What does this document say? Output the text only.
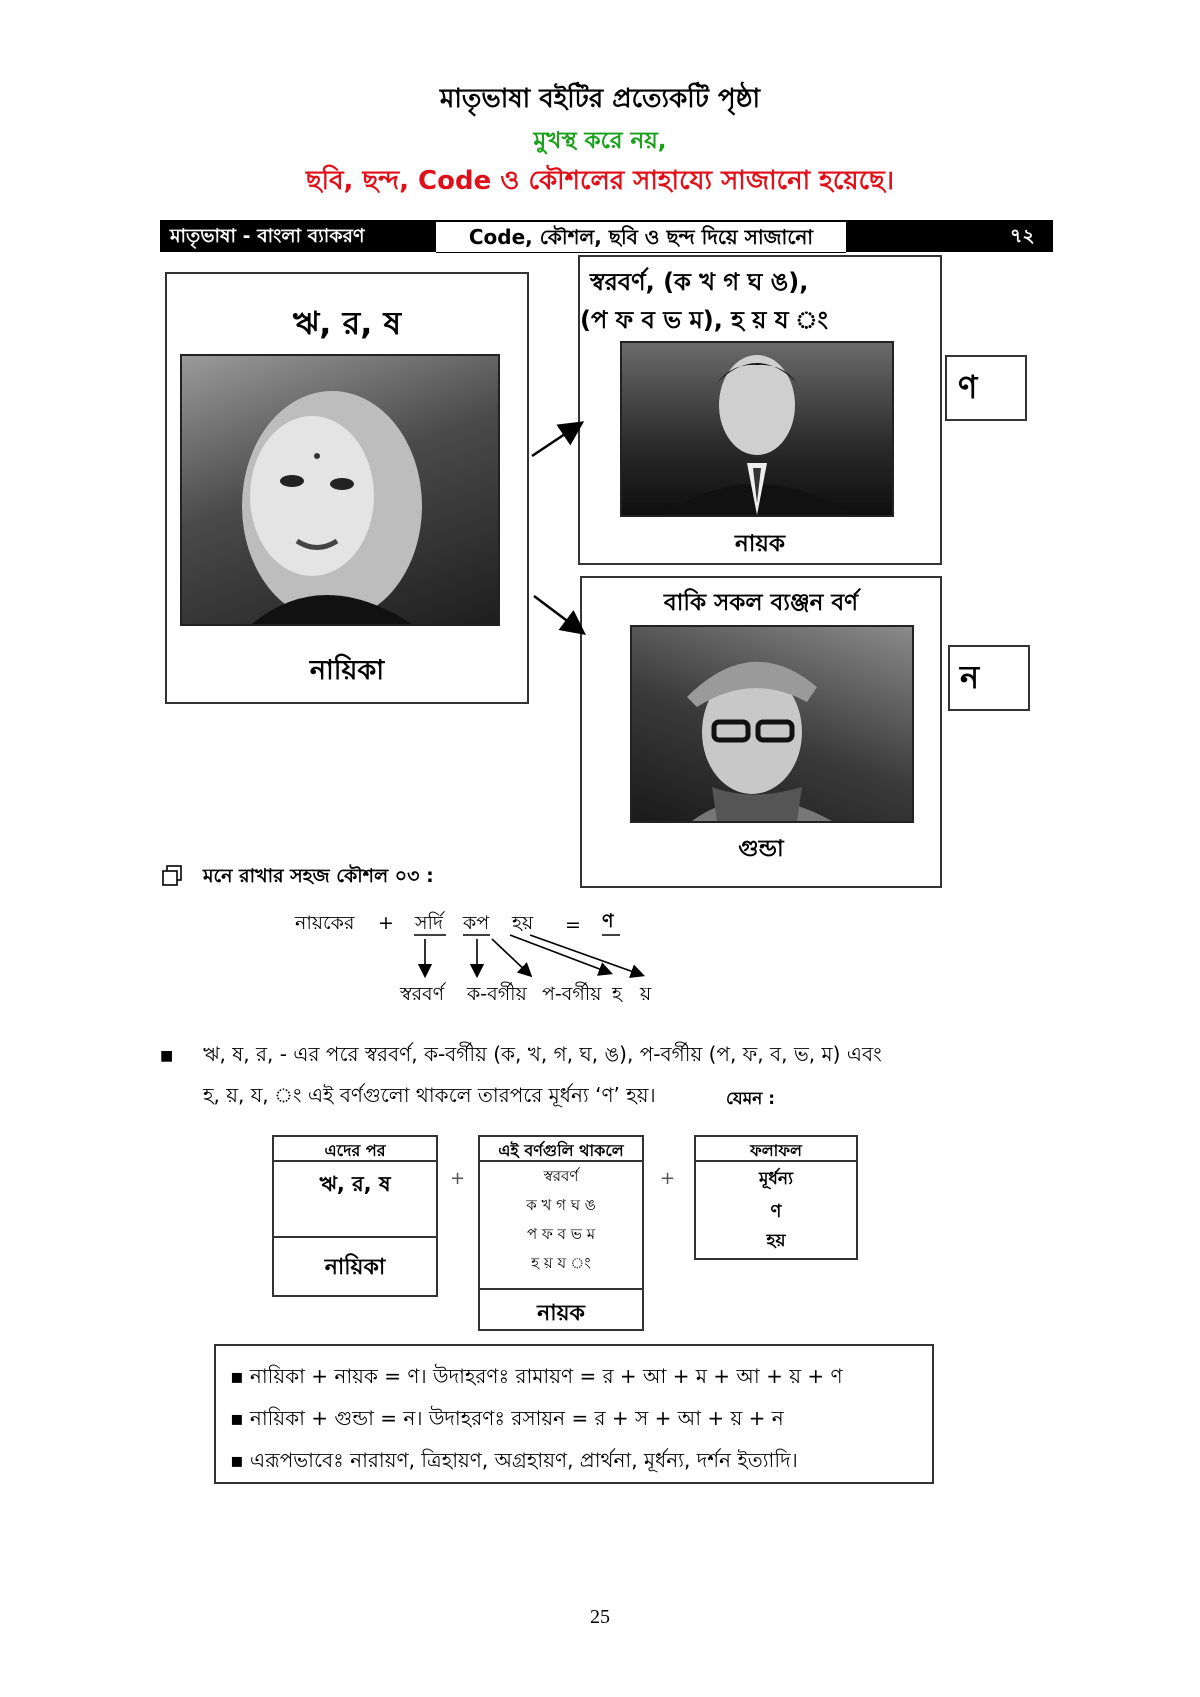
মাতৃভাষা বইটির প্রত্যেকটি পৃষ্ঠা
মুখস্থ করে নয়,
ছবি, ছন্দ, Code ও কৌশলের সাহায্যে সাজানো হয়েছে।
মাতৃভাষা - বাংলা ব্যাকরণ	Code, কৌশল, ছবি ও ছন্দ দিয়ে সাজানো	৭২
ঋ, র, ষ
নায়িকা
স্বরবর্ণ, (ক খ গ ঘ ঙ),
(প ফ ব ভ ম), হ য় য ং
নায়ক
বাকি সকল ব্যঞ্জন বর্ণ
গুন্ডা
ণ
ন
মনে রাখার সহজ কৌশল ০৩ :
নায়কের + সর্দি কপ হয় = ণ
স্বরবর্ণ ক-বর্গীয় প-বর্গীয় হ য়
■ ঋ, ষ, র, - এর পরে স্বরবর্ণ, ক-বর্গীয় (ক, খ, গ, ঘ, ঙ), প-বর্গীয় (প, ফ, ব, ভ, ম) এবং
হ, য়, য, ং এই বর্ণগুলো থাকলে তারপরে মূর্ধন্য ‘ণ’ হয়।	যেমন :
এদের পর
ঋ, র, ষ
নায়িকা
+
এই বর্ণগুলি থাকলে
স্বরবর্ণ
ক খ গ ঘ ঙ
প ফ ব ভ ম
হ য় য ং
নায়ক
+
ফলাফল
মূর্ধন্য
ণ
হয়
▪ নায়িকা + নায়ক = ণ। উদাহরণঃ রামায়ণ = র + আ + ম + আ + য় + ণ
▪ নায়িকা + গুন্ডা = ন। উদাহরণঃ রসায়ন = র + স + আ + য় + ন
▪ এরূপভাবেঃ নারায়ণ, ত্রিহায়ণ, অগ্রহায়ণ, প্রার্থনা, মূর্ধন্য, দর্শন ইত্যাদি।
25
